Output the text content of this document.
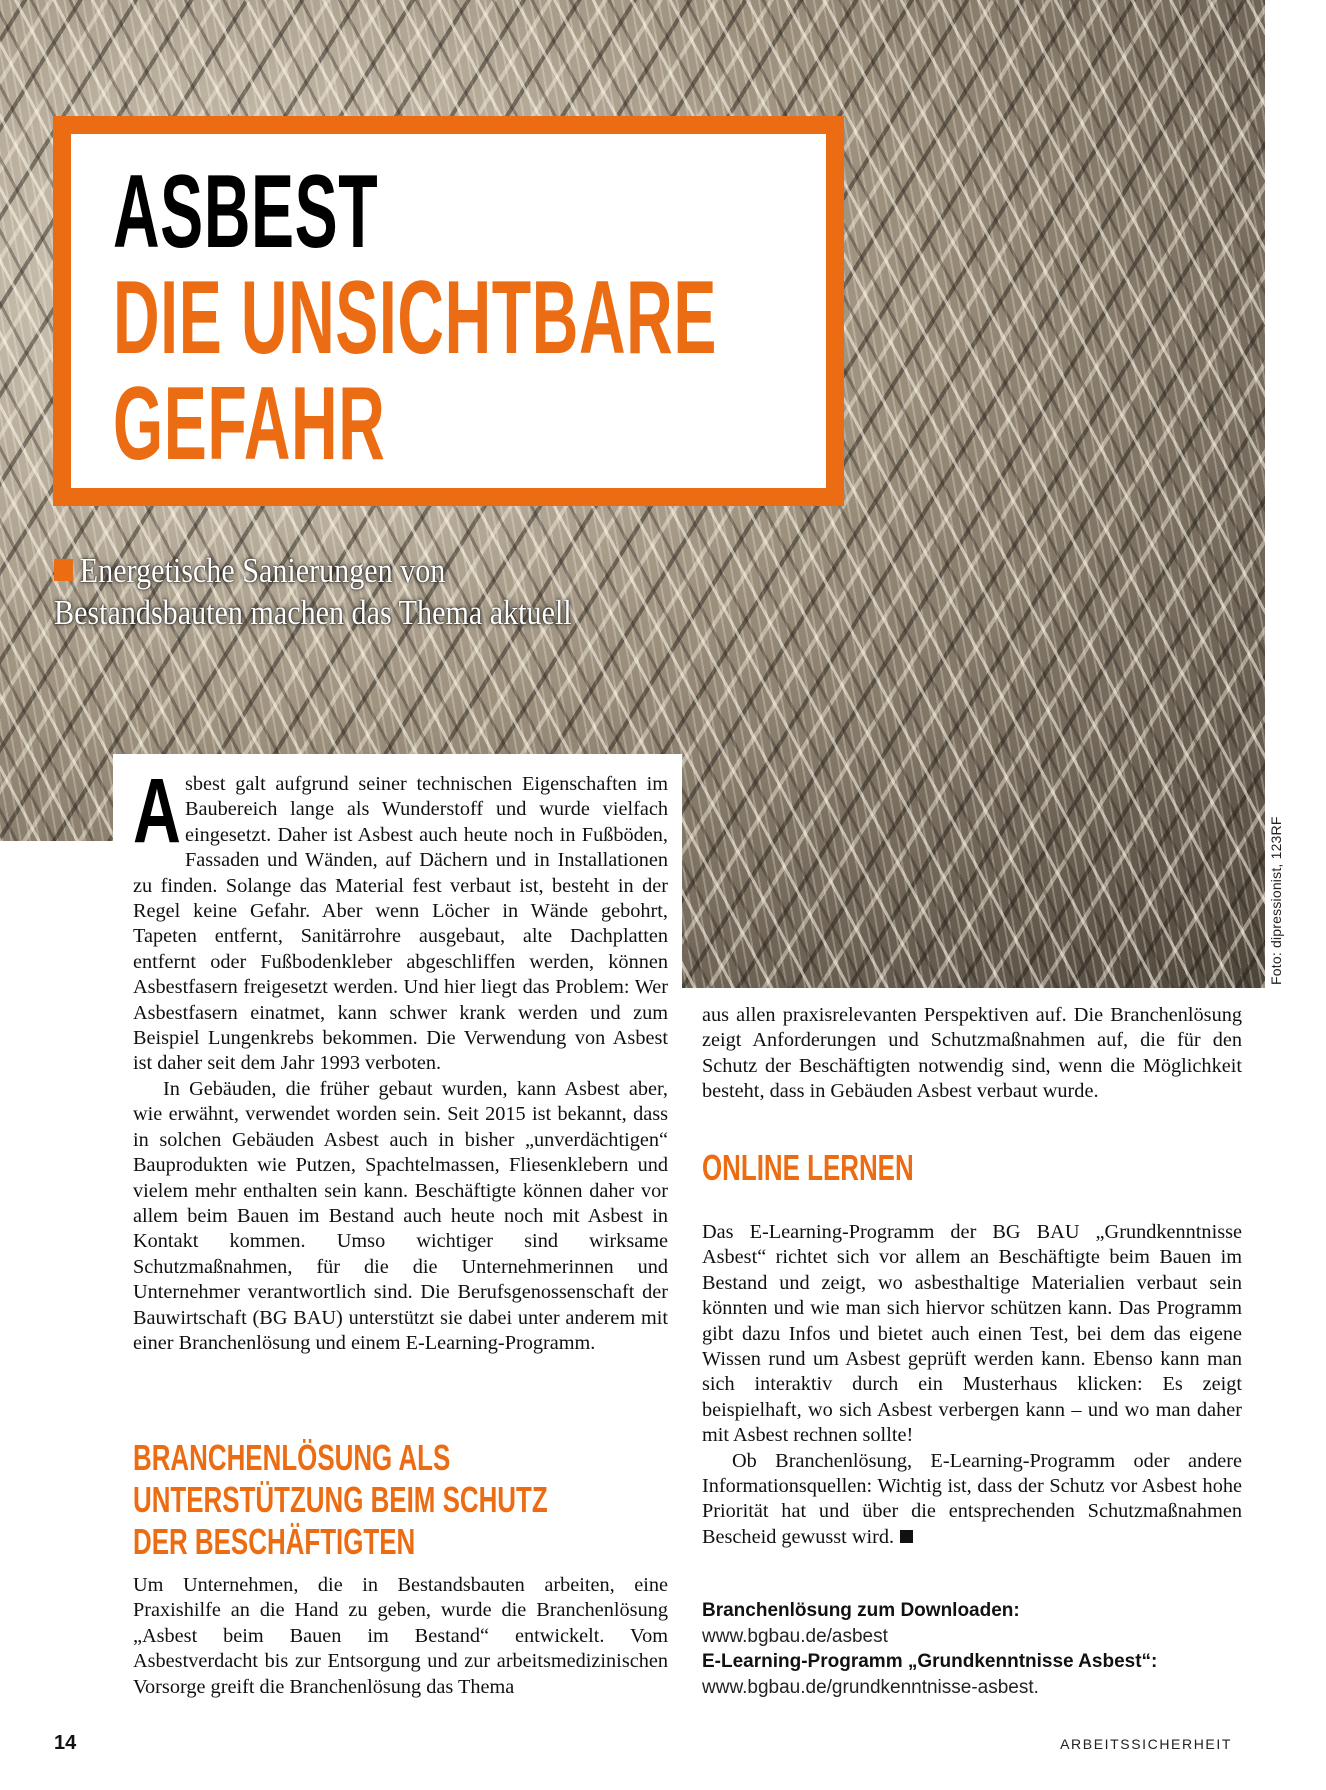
Foto: dipressionist, 123RF
ASBEST
DIE UNSICHTBARE
GEFAHR
Energetische Sanierungen von
Bestandsbauten machen das Thema aktuell

Asbest galt aufgrund seiner technischen Eigenschaften im Baubereich lange als Wunderstoff und wurde vielfach eingesetzt. Daher ist Asbest auch heute noch in Fußböden, Fassaden und Wänden, auf Dächern und in Installationen zu finden. Solange das Material fest verbaut ist, besteht in der Regel keine Gefahr. Aber wenn Löcher in Wände gebohrt, Tapeten entfernt, Sanitärrohre ausgebaut, alte Dachplatten entfernt oder Fußbodenkleber abgeschliffen werden, können Asbestfasern freigesetzt werden. Und hier liegt das Problem: Wer Asbestfasern einatmet, kann schwer krank werden und zum Beispiel Lungenkrebs bekommen. Die Verwendung von Asbest ist daher seit dem Jahr 1993 verboten.

In Gebäuden, die früher gebaut wurden, kann Asbest aber, wie erwähnt, verwendet worden sein. Seit 2015 ist bekannt, dass in solchen Gebäuden Asbest auch in bisher „unverdächtigen“ Bauprodukten wie Putzen, Spachtelmassen, Fliesenklebern und vielem mehr enthalten sein kann. Beschäftigte können daher vor allem beim Bauen im Bestand auch heute noch mit Asbest in Kontakt kommen. Umso wichtiger sind wirksame Schutzmaßnahmen, für die die Unternehmerinnen und Unternehmer verantwortlich sind. Die Berufsgenossenschaft der Bauwirtschaft (BG BAU) unterstützt sie dabei unter anderem mit einer Branchenlösung und einem E-Learning-Programm.

BRANCHENLÖSUNG ALS
UNTERSTÜTZUNG BEIM SCHUTZ
DER BESCHÄFTIGTEN

Um Unternehmen, die in Bestandsbauten arbeiten, eine Praxishilfe an die Hand zu geben, wurde die Branchenlösung „Asbest beim Bauen im Bestand“ entwickelt. Vom Asbestverdacht bis zur Entsorgung und zur arbeitsmedizinischen Vorsorge greift die Branchenlösung das Thema

aus allen praxisrelevanten Perspektiven auf. Die Branchenlösung zeigt Anforderungen und Schutzmaßnahmen auf, die für den Schutz der Beschäftigten notwendig sind, wenn die Möglichkeit besteht, dass in Gebäuden Asbest verbaut wurde.

ONLINE LERNEN

Das E-Learning-Programm der BG BAU „Grundkenntnisse Asbest“ richtet sich vor allem an Beschäftigte beim Bauen im Bestand und zeigt, wo asbesthaltige Materialien verbaut sein könnten und wie man sich hiervor schützen kann. Das Programm gibt dazu Infos und bietet auch einen Test, bei dem das eigene Wissen rund um Asbest geprüft werden kann. Ebenso kann man sich interaktiv durch ein Musterhaus klicken: Es zeigt beispielhaft, wo sich Asbest verbergen kann – und wo man daher mit Asbest rechnen sollte!

Ob Branchenlösung, E-Learning-Programm oder andere Informationsquellen: Wichtig ist, dass der Schutz vor Asbest hohe Priorität hat und über die entsprechenden Schutzmaßnahmen Bescheid gewusst wird.

Branchenlösung zum Downloaden:
www.bgbau.de/asbest
E-Learning-Programm „Grundkenntnisse Asbest“:
www.bgbau.de/grundkenntnisse-asbest.
14	ARBEITSSICHERHEIT
